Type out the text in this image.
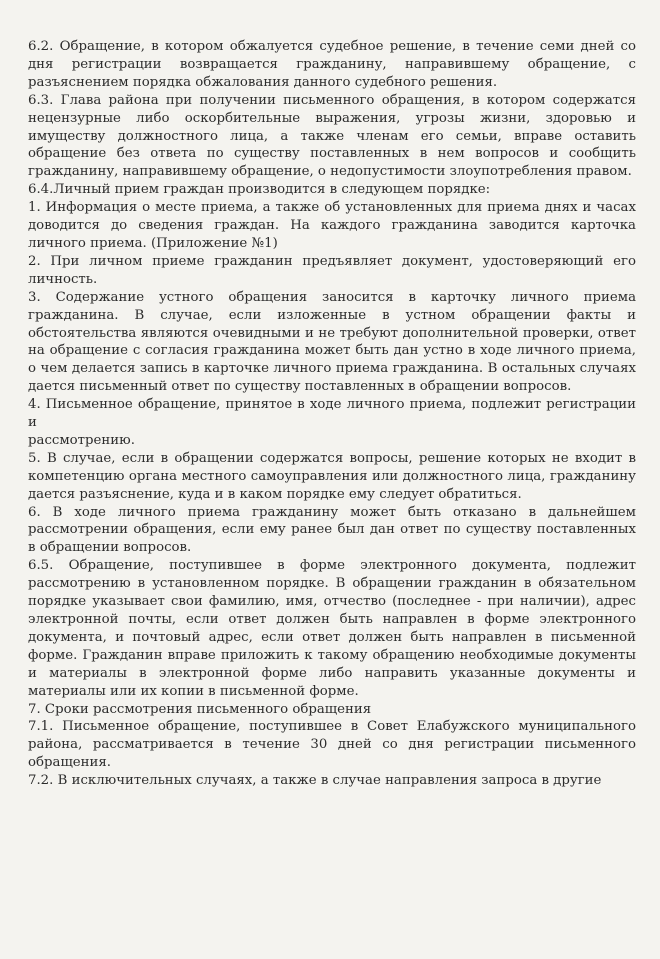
6.2. Обращение, в котором обжалуется судебное решение, в течение семи дней со дня регистрации возвращается гражданину, направившему обращение, с разъяснением порядка обжалования данного судебного решения.

6.3. Глава района при получении письменного обращения, в котором содержатся нецензурные либо оскорбительные выражения, угрозы жизни, здоровью и имуществу должностного лица, а также членам его семьи, вправе оставить обращение без ответа по существу поставленных в нем вопросов и сообщить гражданину, направившему обращение, о недопустимости злоупотребления правом.

6.4.Личный прием граждан производится в следующем порядке:

1. Информация о месте приема, а также об установленных для приема днях и часах доводится до сведения граждан. На каждого гражданина заводится карточка личного приема. (Приложение №1)

2. При личном приеме гражданин предъявляет документ, удостоверяющий его личность.

3. Содержание устного обращения заносится в карточку личного приема гражданина. В случае, если изложенные в устном обращении факты и обстоятельства являются очевидными и не требуют дополнительной проверки, ответ на обращение с согласия гражданина может быть дан устно в ходе личного приема, о чем делается запись в карточке личного приема гражданина. В остальных случаях дается письменный ответ по существу поставленных в обращении вопросов.

4. Письменное обращение, принятое в ходе личного приема, подлежит регистрации и

рассмотрению.

5. В случае, если в обращении содержатся вопросы, решение которых не входит в компетенцию органа местного самоуправления или должностного лица, гражданину дается разъяснение, куда и в каком порядке ему следует обратиться.

6. В ходе личного приема гражданину может быть отказано в дальнейшем рассмотрении обращения, если ему ранее был дан ответ по существу поставленных в обращении вопросов.

6.5. Обращение, поступившее в форме электронного документа, подлежит рассмотрению в установленном порядке. В обращении гражданин в обязательном порядке указывает свои фамилию, имя, отчество (последнее - при наличии), адрес электронной почты, если ответ должен быть направлен в форме электронного документа, и почтовый адрес, если ответ должен быть направлен в письменной форме. Гражданин вправе приложить к такому обращению необходимые документы и материалы в электронной форме либо направить указанные документы и материалы или их копии в письменной форме.

7. Сроки рассмотрения письменного обращения

7.1. Письменное обращение, поступившее в Совет Елабужского муниципального района, рассматривается в течение 30 дней со дня регистрации письменного обращения.

7.2. В исключительных случаях, а также в случае направления запроса в другие
